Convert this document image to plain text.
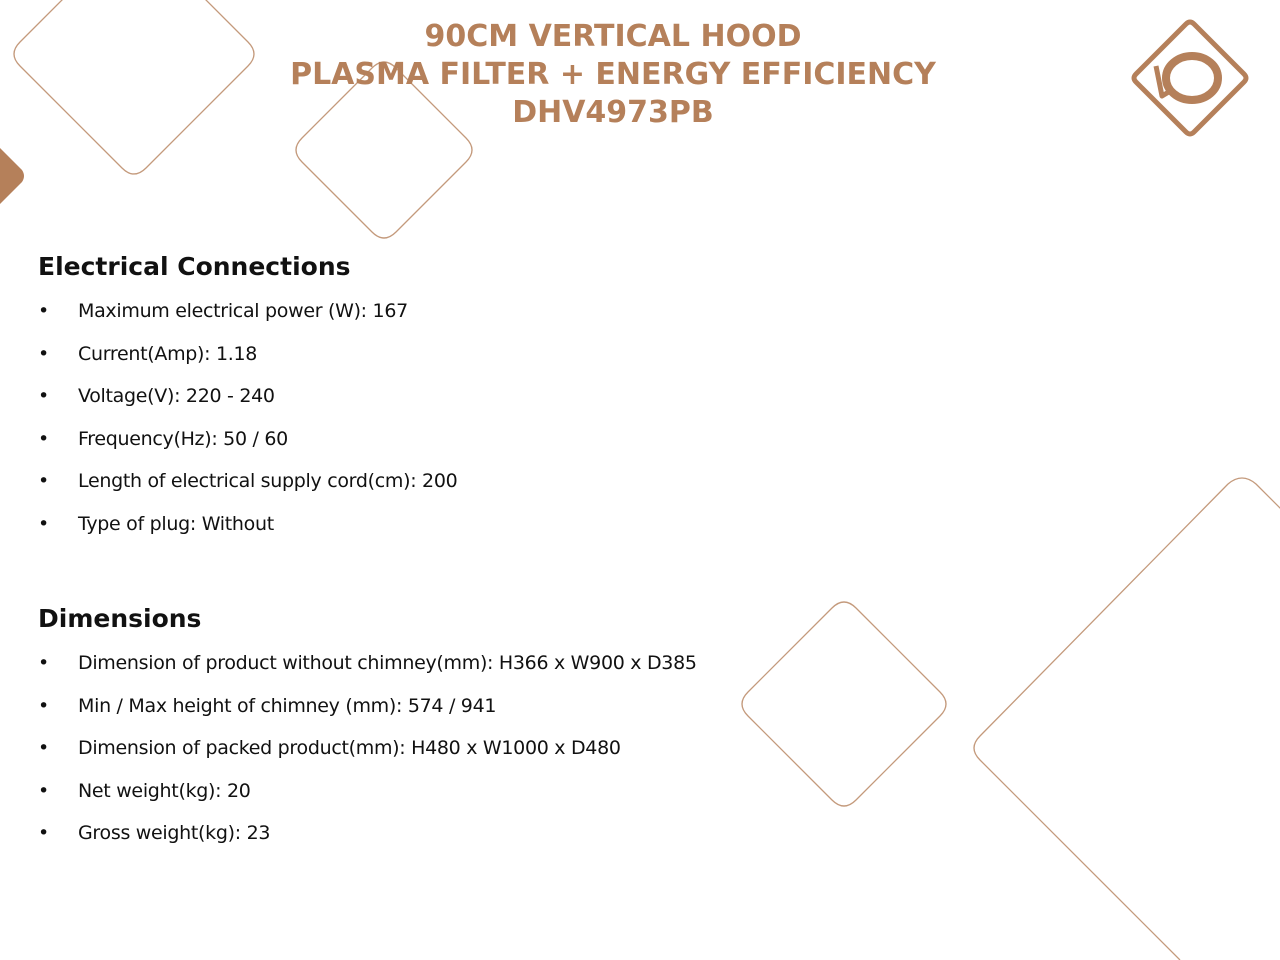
90CM VERTICAL HOOD
PLASMA FILTER + ENERGY EFFICIENCY
DHV4973PB
Electrical Connections
• Maximum electrical power (W): 167
• Current(Amp): 1.18
• Voltage(V): 220 - 240
• Frequency(Hz): 50 / 60
• Length of electrical supply cord(cm): 200
• Type of plug: Without
Dimensions
• Dimension of product without chimney(mm): H366 x W900 x D385
• Min / Max height of chimney (mm): 574 / 941
• Dimension of packed product(mm): H480 x W1000 x D480
• Net weight(kg): 20
• Gross weight(kg): 23
